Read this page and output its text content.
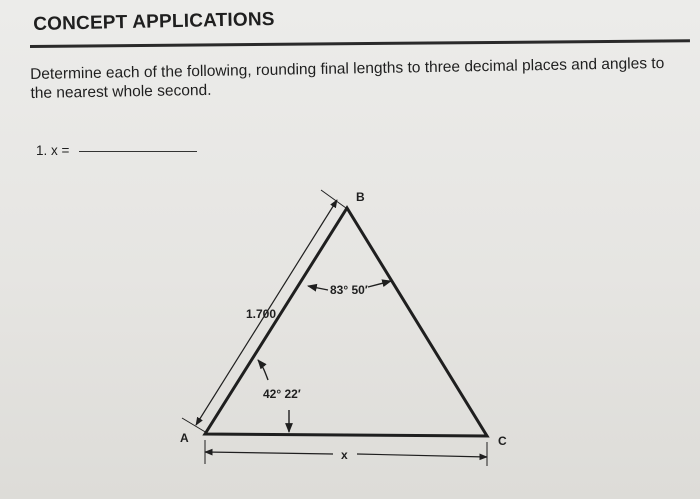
CONCEPT APPLICATIONS
Determine each of the following, rounding final lengths to three decimal places and angles to the nearest whole second.
1. x =
A
B
C
1.700
83° 50′
42° 22′
x
